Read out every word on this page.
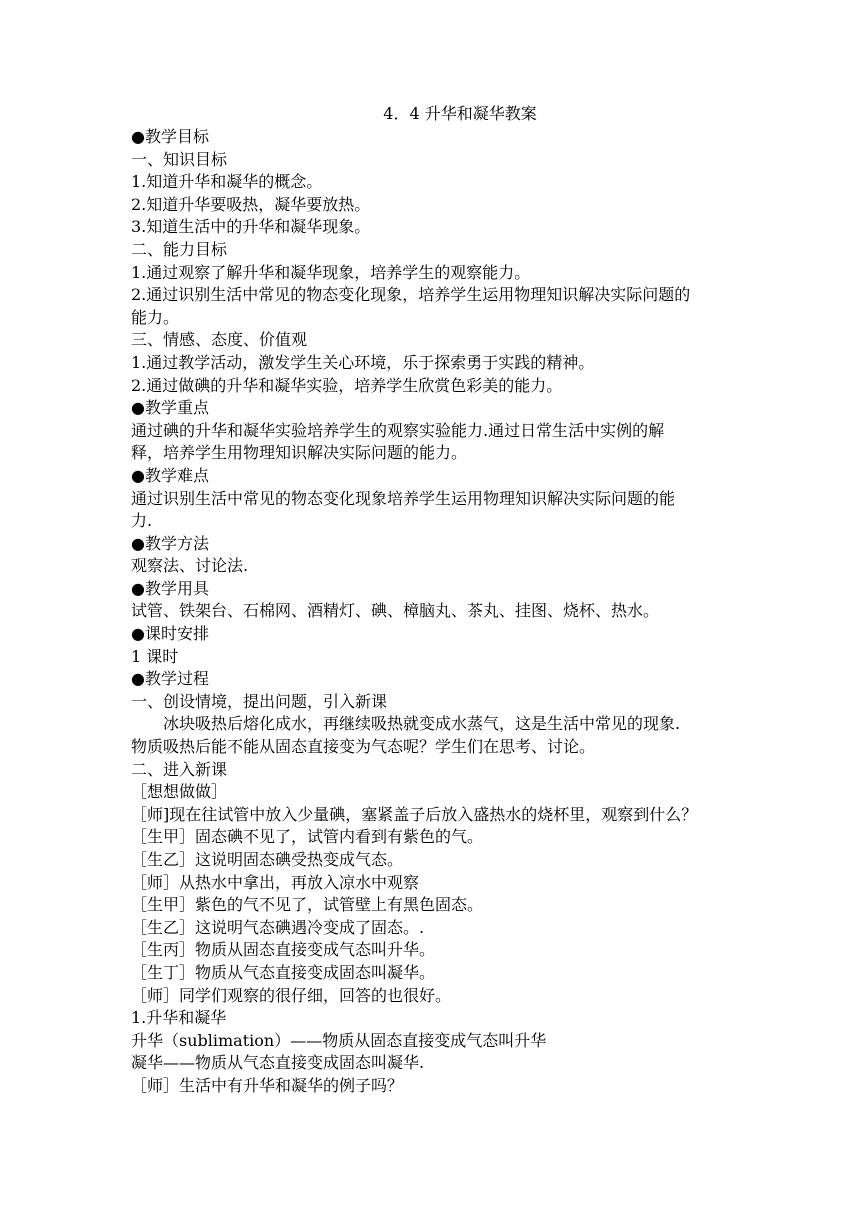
4．4 升华和凝华教案
●教学目标
一、知识目标
1.知道升华和凝华的概念。
2.知道升华要吸热，凝华要放热。
3.知道生活中的升华和凝华现象。
二、能力目标
1.通过观察了解升华和凝华现象，培养学生的观察能力。
2.通过识别生活中常见的物态变化现象，培养学生运用物理知识解决实际问题的
能力。
三、情感、态度、价值观
1.通过教学活动，激发学生关心环境，乐于探索勇于实践的精神。
2.通过做碘的升华和凝华实验，培养学生欣赏色彩美的能力。
●教学重点
通过碘的升华和凝华实验培养学生的观察实验能力.通过日常生活中实例的解
释，培养学生用物理知识解决实际问题的能力。
●教学难点
通过识别生活中常见的物态变化现象培养学生运用物理知识解决实际问题的能
力.
●教学方法
观察法、讨论法.
●教学用具
试管、铁架台、石棉网、酒精灯、碘、樟脑丸、茶丸、挂图、烧杯、热水。
●课时安排
1 课时
●教学过程
一、创设情境，提出问题，引入新课
冰块吸热后熔化成水，再继续吸热就变成水蒸气，这是生活中常见的现象.
物质吸热后能不能从固态直接变为气态呢？学生们在思考、讨论。
二、进入新课
［想想做做］
［师]现在往试管中放入少量碘，塞紧盖子后放入盛热水的烧杯里，观察到什么？
［生甲］固态碘不见了，试管内看到有紫色的气。
［生乙］这说明固态碘受热变成气态。
［师］从热水中拿出，再放入凉水中观察
［生甲］紫色的气不见了，试管壁上有黑色固态。
［生乙］这说明气态碘遇冷变成了固态。.
［生丙］物质从固态直接变成气态叫升华。
［生丁］物质从气态直接变成固态叫凝华。
［师］同学们观察的很仔细，回答的也很好。
1.升华和凝华
升华（sublimation）——物质从固态直接变成气态叫升华
凝华——物质从气态直接变成固态叫凝华.
［师］生活中有升华和凝华的例子吗？
